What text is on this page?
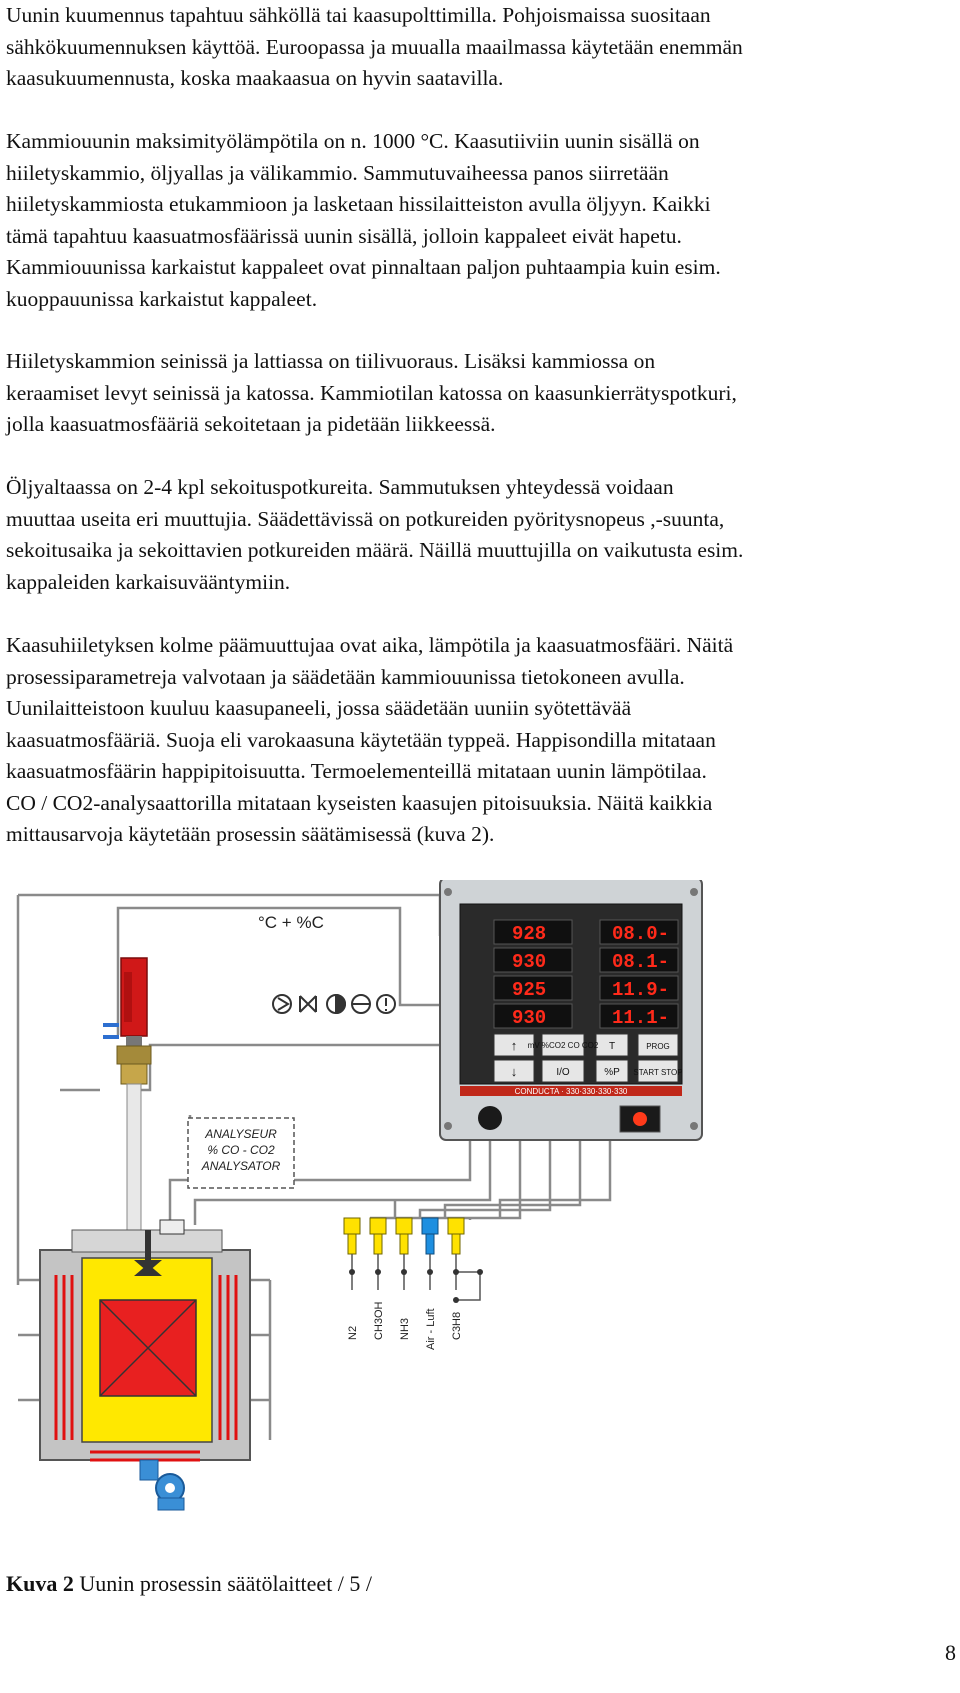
Uunin kuumennus tapahtuu sähköllä tai kaasupolttimilla. Pohjoismaissa suositaan
sähkökuumennuksen käyttöä. Euroopassa ja muualla maailmassa käytetään enemmän
kaasukuumennusta, koska maakaasua on hyvin saatavilla.
Kammiouunin maksimityölämpötila on n. 1000 °C. Kaasutiiviin uunin sisällä on
hiiletyskammio, öljyallas ja välikammio. Sammutuvaiheessa panos siirretään
hiiletyskammiosta etukammioon ja lasketaan hissilaitteiston avulla öljyyn. Kaikki
tämä tapahtuu kaasuatmosfäärissä uunin sisällä, jolloin kappaleet eivät hapetu.
Kammiouunissa karkaistut kappaleet ovat pinnaltaan paljon puhtaampia kuin esim.
kuoppauunissa karkaistut kappaleet.
Hiiletyskammion seinissä ja lattiassa on tiilivuoraus. Lisäksi kammiossa on
keraamiset levyt seinissä ja katossa. Kammiotilan katossa on kaasunkierrätyspotkuri,
jolla kaasuatmosfääriä sekoitetaan ja pidetään liikkeessä.
Öljyaltaassa on 2-4 kpl sekoituspotkureita. Sammutuksen yhteydessä voidaan
muuttaa useita eri muuttujia. Säädettävissä on potkureiden pyöritysnopeus ,-suunta,
sekoitusaika ja sekoittavien potkureiden määrä. Näillä muuttujilla on vaikutusta esim.
kappaleiden karkaisuvääntymiin.
Kaasuhiiletyksen kolme päämuuttujaa ovat aika, lämpötila ja kaasuatmosfääri. Näitä
prosessiparametreja valvotaan ja säädetään kammiouunissa tietokoneen avulla.
Uunilaitteistoon kuuluu kaasupaneeli, jossa säädetään uuniin syötettävää
kaasuatmosfääriä. Suoja eli varokaasuna käytetään typpeä. Happisondilla mitataan
kaasuatmosfäärin happipitoisuutta. Termoelementeillä mitataan uunin lämpötilaa.
CO / CO2-analysaattorilla mitataan kyseisten kaasujen pitoisuuksia. Näitä kaikkia
mittausarvoja käytetään prosessin säätämisessä (kuva 2).
°C + %C
ANALYSEUR
% CO - CO2
ANALYSATOR
N2 CH3OH NH3 Air - Luft C3H8
928	08.0-
930	08.1-
925	11.9-
930	11.1-
↑ mV %CO2 CO CO2 T	PROG
↓	I/O	%P START STOP
CONDUCTA · 330·330·330·330
Kuva 2 Uunin prosessin säätölaitteet / 5 /
8
